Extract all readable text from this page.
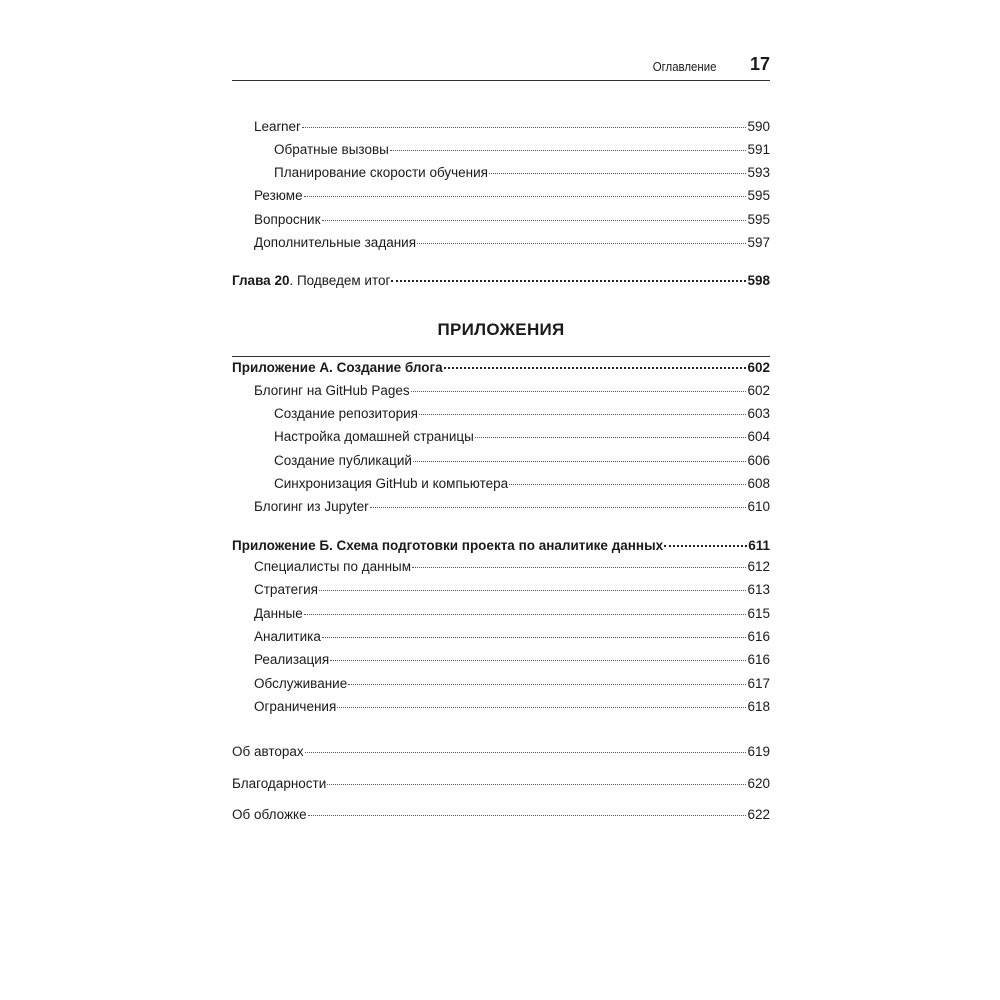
Оглавление 17
Learner	590
Обратные вызовы	591
Планирование скорости обучения	593
Резюме	595
Вопросник	595
Дополнительные задания	597
Глава 20. Подведем итог	598
ПРИЛОЖЕНИЯ
Приложение А. Создание блога	602
Блогинг на GitHub Pages	602
Создание репозитория	603
Настройка домашней страницы	604
Создание публикаций	606
Синхронизация GitHub и компьютера	608
Блогинг из Jupyter	610
Приложение Б. Схема подготовки проекта по аналитике данных	611
Специалисты по данным	612
Стратегия	613
Данные	615
Аналитика	616
Реализация	616
Обслуживание	617
Ограничения	618
Об авторах	619
Благодарности	620
Об обложке	622
